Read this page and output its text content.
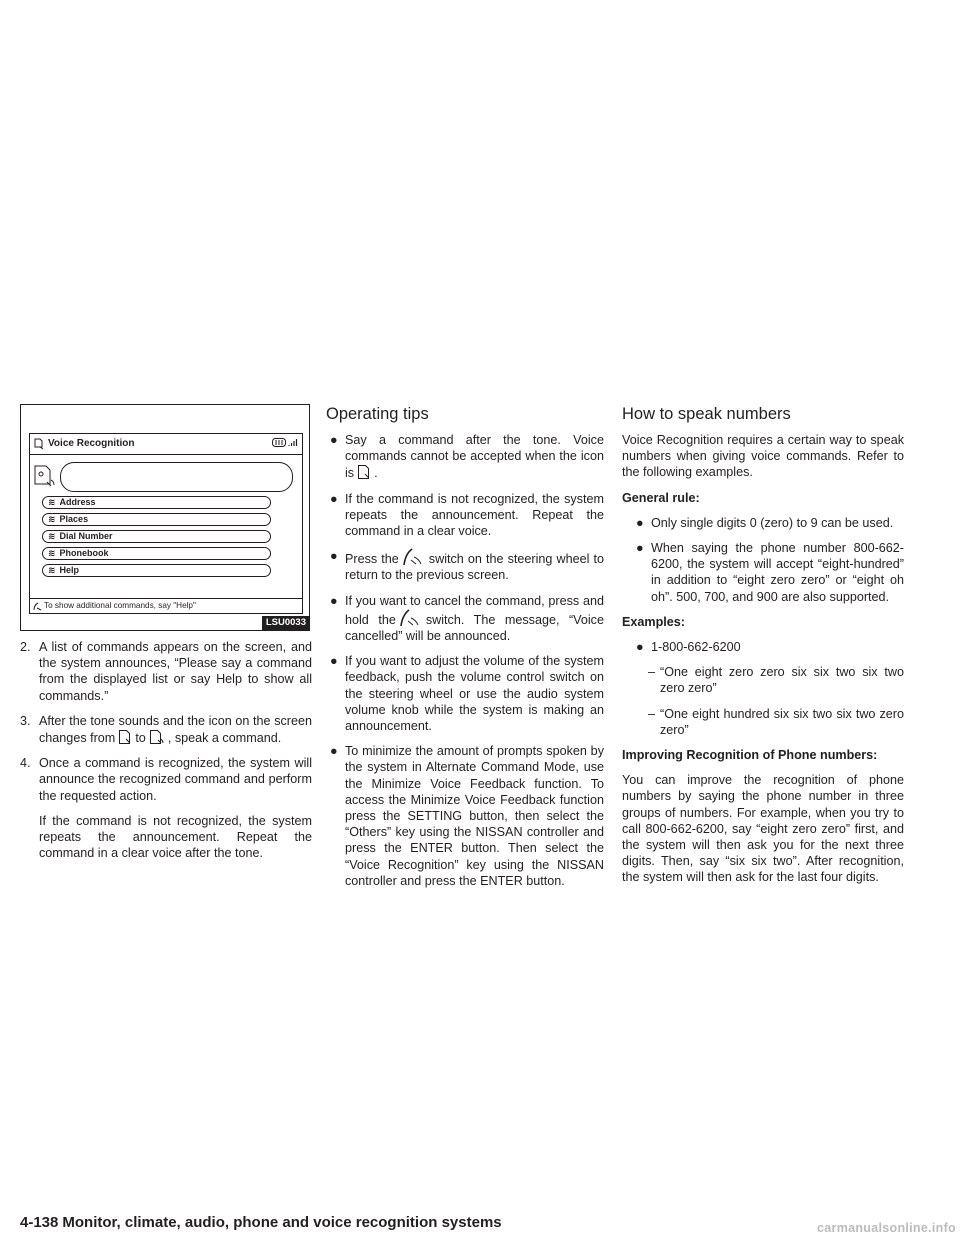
Voice Recognition
≋ Address
≋ Places
≋ Dial Number
≋ Phonebook
≋ Help
To show additional commands, say "Help"
LSU0033
2. A list of commands appears on the screen, and the system announces, “Please say a command from the displayed list or say Help to show all commands.”
3. After the tone sounds and the icon on the screen changes from to , speak a command.
4. Once a command is recognized, the system will announce the recognized command and perform the requested action.

If the command is not recognized, the system repeats the announcement. Repeat the command in a clear voice after the tone.

Operating tips
● Say a command after the tone. Voice commands cannot be accepted when the icon is .
● If the command is not recognized, the system repeats the announcement. Repeat the command in a clear voice.
● Press the switch on the steering wheel to return to the previous screen.
● If you want to cancel the command, press and hold the switch. The message, “Voice cancelled” will be announced.
● If you want to adjust the volume of the system feedback, push the volume control switch on the steering wheel or use the audio system volume knob while the system is making an announcement.
● To minimize the amount of prompts spoken by the system in Alternate Command Mode, use the Minimize Voice Feedback function. To access the Minimize Voice Feedback function press the SETTING button, then select the “Others” key using the NISSAN controller and press the ENTER button. Then select the “Voice Recognition” key using the NISSAN controller and press the ENTER button.
How to speak numbers

Voice Recognition requires a certain way to speak numbers when giving voice commands. Refer to the following examples.

General rule:

● Only single digits 0 (zero) to 9 can be used.
● When saying the phone number 800-662-6200, the system will accept “eight-hundred” in addition to “eight zero zero” or “eight oh oh”. 500, 700, and 900 are also supported.

Examples:

● 1-800-662-6200
– “One eight zero zero six six two six two zero zero”
– “One eight hundred six six two six two zero zero”

Improving Recognition of Phone numbers:

You can improve the recognition of phone numbers by saying the phone number in three groups of numbers. For example, when you try to call 800-662-6200, say “eight zero zero” first, and the system will then ask you for the next three digits. Then, say “six six two”. After recognition, the system will then ask for the last four digits.

4-138 Monitor, climate, audio, phone and voice recognition systems	carmanualsonline.info
